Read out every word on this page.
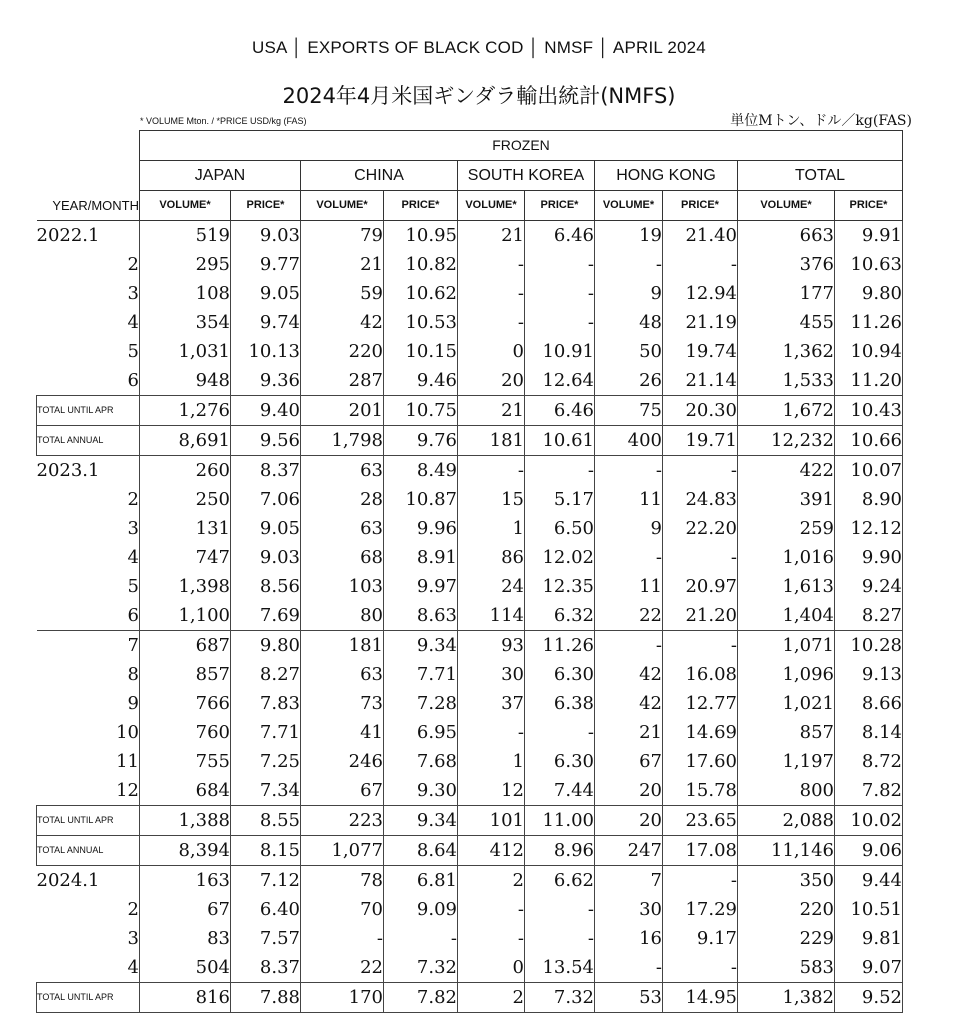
USA │ EXPORTS OF BLACK COD │ NMSF │ APRIL 2024
2024年4月米国ギンダラ輸出統計(NMFS)
* VOLUME Mton. / *PRICE USD/kg (FAS)	単位Mトン、ドル／kg(FAS)
	FROZEN									
	JAPAN		CHINA		SOUTH KOREA		HONG KONG		TOTAL	
YEAR/MONTH	VOLUME*	PRICE*	VOLUME*	PRICE*	VOLUME*	PRICE*	VOLUME*	PRICE*	VOLUME*	PRICE*
2022.1	519	9.03	79	10.95	21	6.46	19	21.40	663	9.91
2	295	9.77	21	10.82	-	-	-	-	376	10.63
3	108	9.05	59	10.62	-	-	9	12.94	177	9.80
4	354	9.74	42	10.53	-	-	48	21.19	455	11.26
5	1,031	10.13	220	10.15	0	10.91	50	19.74	1,362	10.94
6	948	9.36	287	9.46	20	12.64	26	21.14	1,533	11.20
TOTAL UNTIL APR	1,276	9.40	201	10.75	21	6.46	75	20.30	1,672	10.43
TOTAL ANNUAL	8,691	9.56	1,798	9.76	181	10.61	400	19.71	12,232	10.66
2023.1	260	8.37	63	8.49	-	-	-	-	422	10.07
2	250	7.06	28	10.87	15	5.17	11	24.83	391	8.90
3	131	9.05	63	9.96	1	6.50	9	22.20	259	12.12
4	747	9.03	68	8.91	86	12.02	-	-	1,016	9.90
5	1,398	8.56	103	9.97	24	12.35	11	20.97	1,613	9.24
6	1,100	7.69	80	8.63	114	6.32	22	21.20	1,404	8.27
7	687	9.80	181	9.34	93	11.26	-	-	1,071	10.28
8	857	8.27	63	7.71	30	6.30	42	16.08	1,096	9.13
9	766	7.83	73	7.28	37	6.38	42	12.77	1,021	8.66
10	760	7.71	41	6.95	-	-	21	14.69	857	8.14
11	755	7.25	246	7.68	1	6.30	67	17.60	1,197	8.72
12	684	7.34	67	9.30	12	7.44	20	15.78	800	7.82
TOTAL UNTIL APR	1,388	8.55	223	9.34	101	11.00	20	23.65	2,088	10.02
TOTAL ANNUAL	8,394	8.15	1,077	8.64	412	8.96	247	17.08	11,146	9.06
2024.1	163	7.12	78	6.81	2	6.62	7	-	350	9.44
2	67	6.40	70	9.09	-	-	30	17.29	220	10.51
3	83	7.57	-	-	-	-	16	9.17	229	9.81
4	504	8.37	22	7.32	0	13.54	-	-	583	9.07
TOTAL UNTIL APR	816	7.88	170	7.82	2	7.32	53	14.95	1,382	9.52
